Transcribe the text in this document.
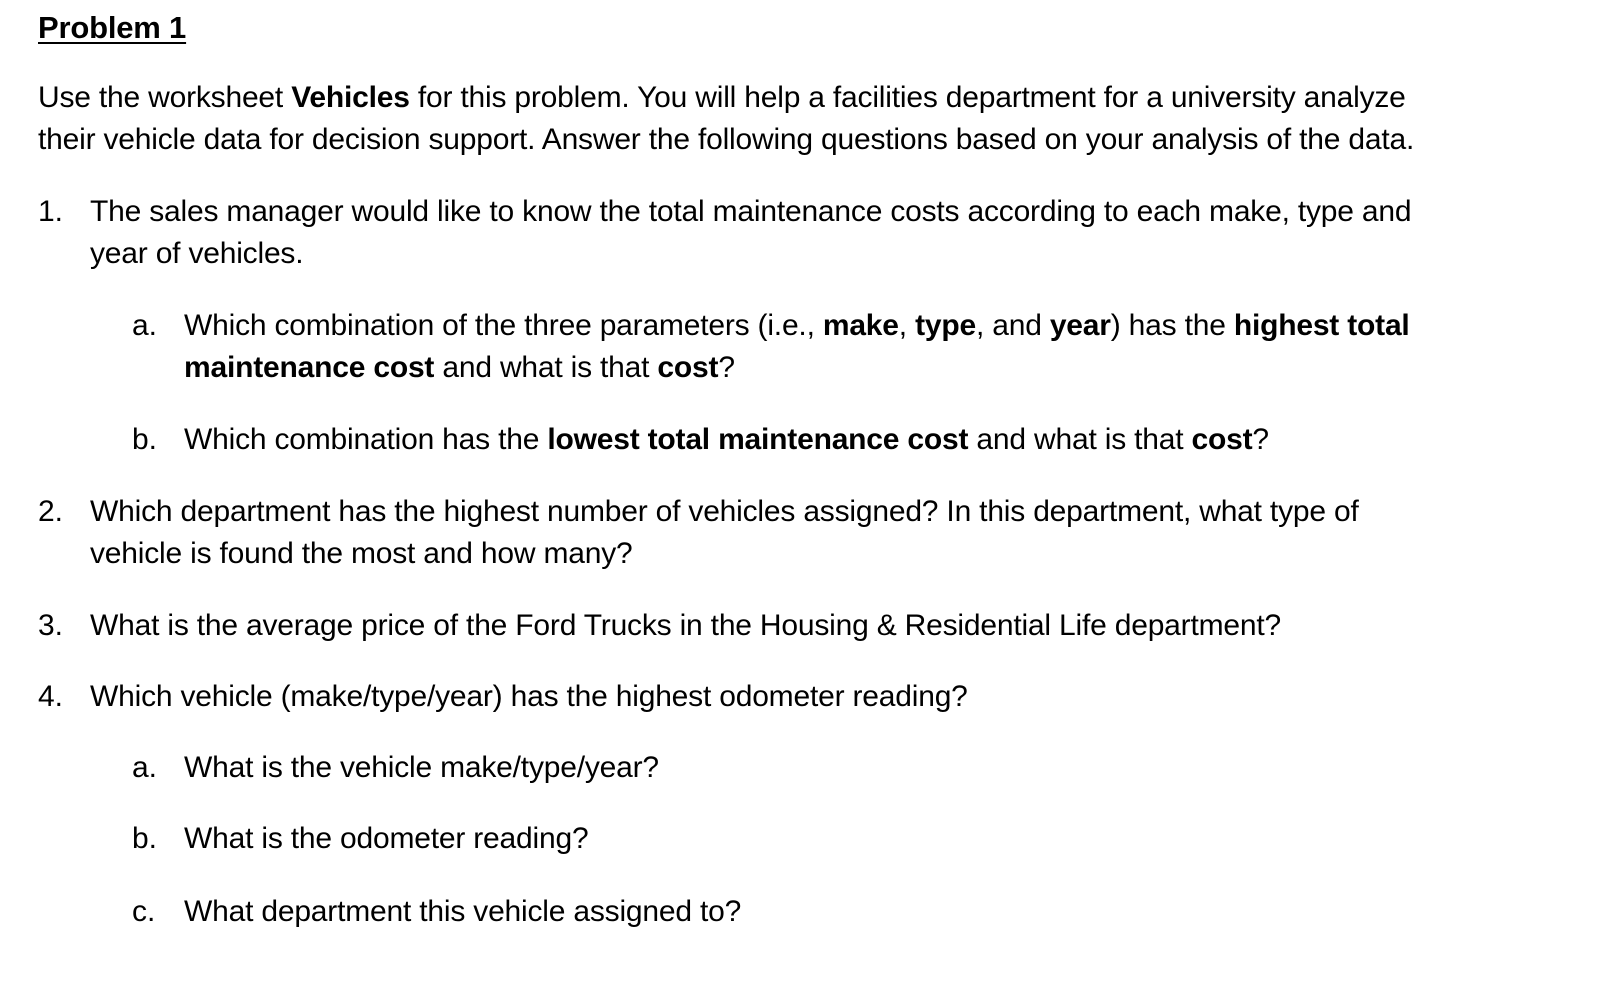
Problem 1
Use the worksheet Vehicles for this problem. You will help a facilities department for a university analyze
their vehicle data for decision support. Answer the following questions based on your analysis of the data.
1. The sales manager would like to know the total maintenance costs according to each make, type and
year of vehicles.
a. Which combination of the three parameters (i.e., make, type, and year) has the highest total
maintenance cost and what is that cost?
b. Which combination has the lowest total maintenance cost and what is that cost?
2. Which department has the highest number of vehicles assigned? In this department, what type of
vehicle is found the most and how many?
3. What is the average price of the Ford Trucks in the Housing & Residential Life department?
4. Which vehicle (make/type/year) has the highest odometer reading?
a. What is the vehicle make/type/year?
b. What is the odometer reading?
c. What department this vehicle assigned to?
